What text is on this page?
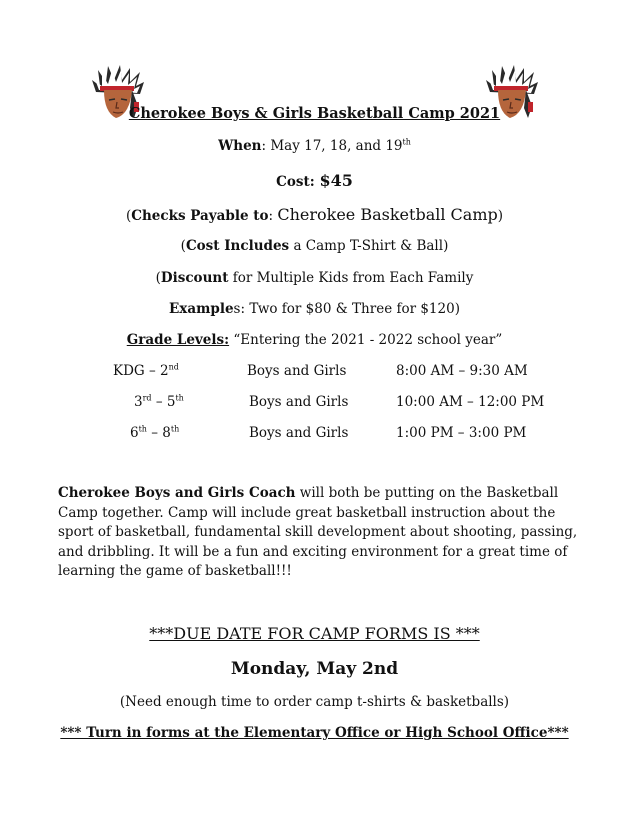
Cherokee Boys & Girls Basketball Camp 2021
When: May 17, 18, and 19th
Cost: $45
(Checks Payable to: Cherokee Basketball Camp)
(Cost Includes a Camp T-Shirt & Ball)
(Discount for Multiple Kids from Each Family
Examples: Two for $80 & Three for $120)
Grade Levels: “Entering the 2021 - 2022 school year”
KDG – 2nd	Boys and Girls	8:00 AM – 9:30 AM
3rd – 5th	Boys and Girls	10:00 AM – 12:00 PM
6th – 8th	Boys and Girls	1:00 PM – 3:00 PM
Cherokee Boys and Girls Coach will both be putting on the Basketball Camp together. Camp will include great basketball instruction about the sport of basketball, fundamental skill development about shooting, passing, and dribbling. It will be a fun and exciting environment for a great time of learning the game of basketball!!!
***DUE DATE FOR CAMP FORMS IS ***
Monday, May 2nd
(Need enough time to order camp t-shirts & basketballs)
*** Turn in forms at the Elementary Office or High School Office***
